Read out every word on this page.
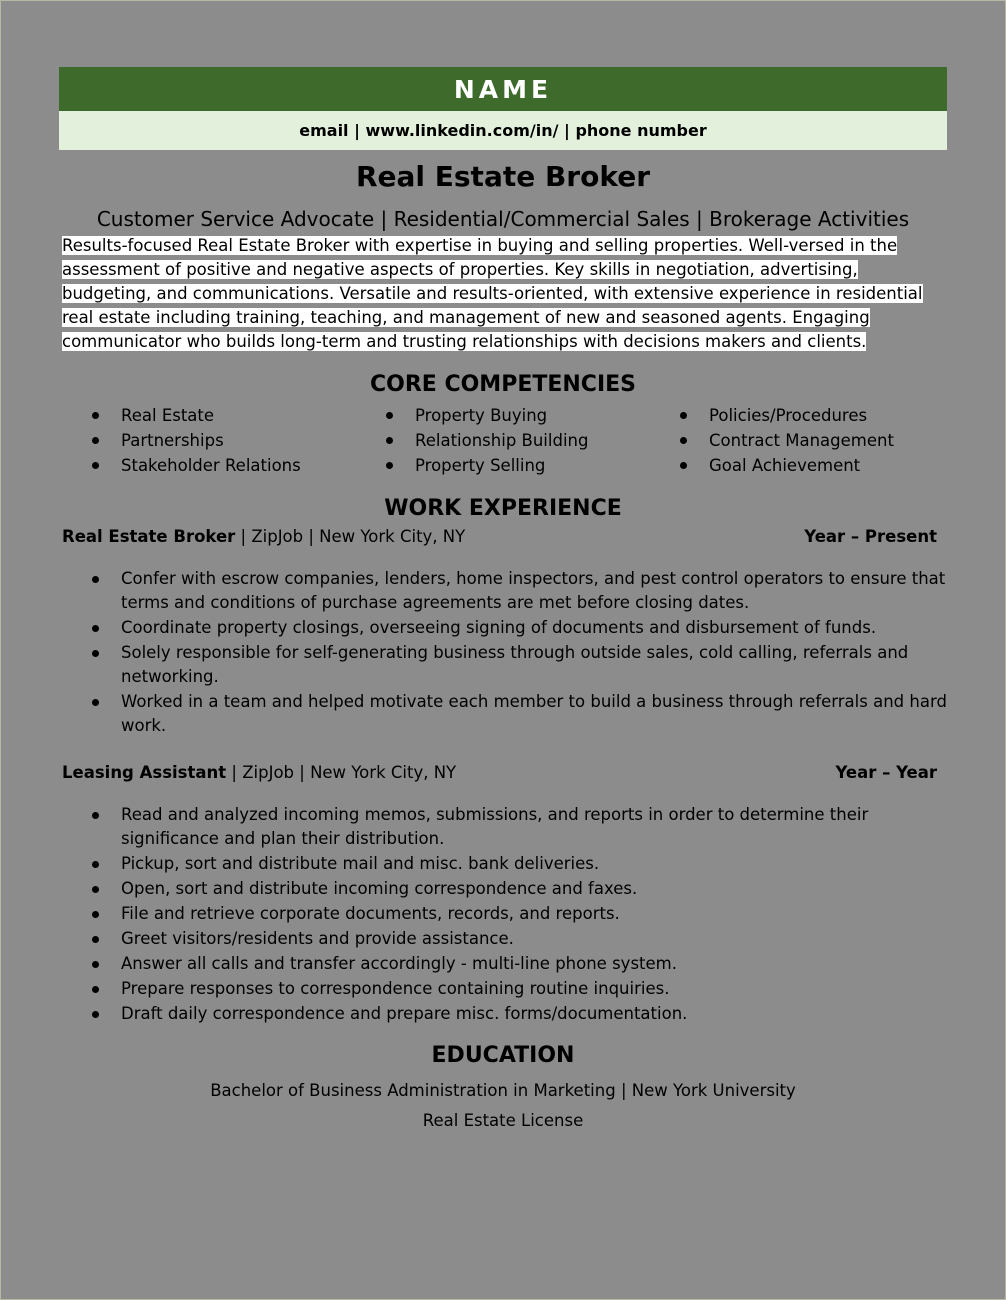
NAME
email | www.linkedin.com/in/ | phone number
Real Estate Broker
Customer Service Advocate | Residential/Commercial Sales | Brokerage Activities
Results-focused Real Estate Broker with expertise in buying and selling properties. Well-versed in the assessment of positive and negative aspects of properties. Key skills in negotiation, advertising, budgeting, and communications. Versatile and results-oriented, with extensive experience in residential real estate including training, teaching, and management of new and seasoned agents. Engaging communicator who builds long-term and trusting relationships with decisions makers and clients.
CORE COMPETENCIES
Real Estate
Partnerships
Stakeholder Relations
Property Buying
Relationship Building
Property Selling
Policies/Procedures
Contract Management
Goal Achievement
WORK EXPERIENCE
Real Estate Broker | ZipJob | New York City, NY	Year – Present
Confer with escrow companies, lenders, home inspectors, and pest control operators to ensure that terms and conditions of purchase agreements are met before closing dates.
Coordinate property closings, overseeing signing of documents and disbursement of funds.
Solely responsible for self-generating business through outside sales, cold calling, referrals and networking.
Worked in a team and helped motivate each member to build a business through referrals and hard work.
Leasing Assistant | ZipJob | New York City, NY	Year – Year
Read and analyzed incoming memos, submissions, and reports in order to determine their significance and plan their distribution.
Pickup, sort and distribute mail and misc. bank deliveries.
Open, sort and distribute incoming correspondence and faxes.
File and retrieve corporate documents, records, and reports.
Greet visitors/residents and provide assistance.
Answer all calls and transfer accordingly - multi-line phone system.
Prepare responses to correspondence containing routine inquiries.
Draft daily correspondence and prepare misc. forms/documentation.
EDUCATION
Bachelor of Business Administration in Marketing | New York University
Real Estate License
